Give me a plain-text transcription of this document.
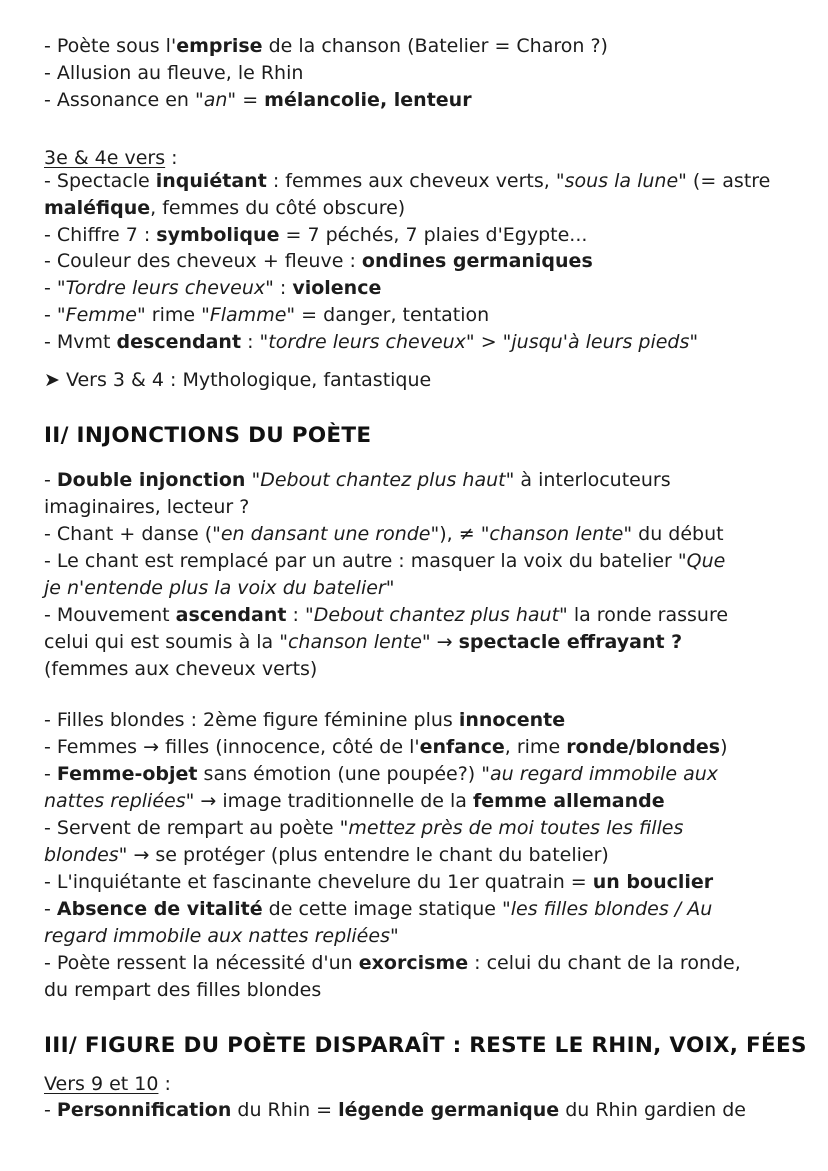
- Poète sous l'emprise de la chanson (Batelier = Charon ?)
- Allusion au fleuve, le Rhin
- Assonance en "an" = mélancolie, lenteur
3e & 4e vers :
- Spectacle inquiétant : femmes aux cheveux verts, "sous la lune" (= astre
maléfique, femmes du côté obscure)
- Chiffre 7 : symbolique = 7 péchés, 7 plaies d'Egypte...
- Couleur des cheveux + fleuve : ondines germaniques
- "Tordre leurs cheveux" : violence
- "Femme" rime "Flamme" = danger, tentation
- Mvmt descendant : "tordre leurs cheveux" > "jusqu'à leurs pieds"
➤ Vers 3 & 4 : Mythologique, fantastique
II/ INJONCTIONS DU POÈTE
- Double injonction "Debout chantez plus haut" à interlocuteurs
imaginaires, lecteur ?
- Chant + danse ("en dansant une ronde"), ≠ "chanson lente" du début
- Le chant est remplacé par un autre : masquer la voix du batelier "Que
je n'entende plus la voix du batelier"
- Mouvement ascendant : "Debout chantez plus haut" la ronde rassure
celui qui est soumis à la "chanson lente" → spectacle effrayant ?
(femmes aux cheveux verts)
- Filles blondes : 2ème figure féminine plus innocente
- Femmes → filles (innocence, côté de l'enfance, rime ronde/blondes)
- Femme-objet sans émotion (une poupée?) "au regard immobile aux
nattes repliées" → image traditionnelle de la femme allemande
- Servent de rempart au poète "mettez près de moi toutes les filles
blondes" → se protéger (plus entendre le chant du batelier)
- L'inquiétante et fascinante chevelure du 1er quatrain = un bouclier
- Absence de vitalité de cette image statique "les filles blondes / Au
regard immobile aux nattes repliées"
- Poète ressent la nécessité d'un exorcisme : celui du chant de la ronde,
du rempart des filles blondes
III/ FIGURE DU POÈTE DISPARAÎT : RESTE LE RHIN, VOIX, FÉES
Vers 9 et 10 :
- Personnification du Rhin = légende germanique du Rhin gardien de
